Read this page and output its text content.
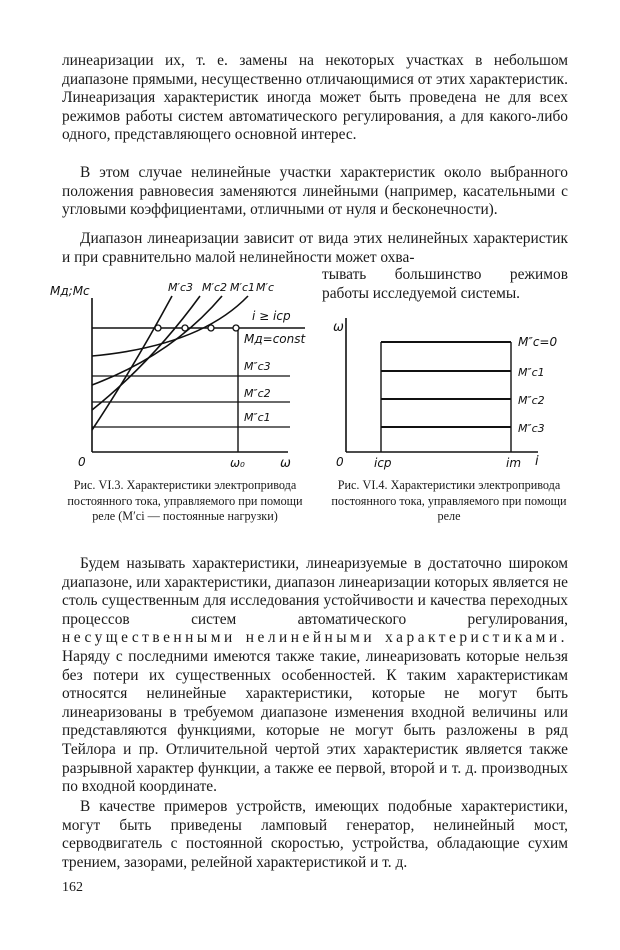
линеаризации их, т. е. замены на некоторых участках в небольшом диапазоне прямыми, несущественно отличающимися от этих характеристик. Линеаризация характеристик иногда может быть проведена не для всех режимов работы систем автоматического регулирования, а для какого-либо одного, представляющего основной интерес.

В этом случае нелинейные участки характеристик около выбранного положения равновесия заменяются линейными (например, касательными с угловыми коэффициентами, отличными от нуля и бесконечности).

Диапазон линеаризации зависит от вида этих нелинейных характеристик и при сравнительно малой нелинейности может охва-

тывать большинство режимов работы исследуемой системы.

Mд;Mс	M′c3 M′c2 M′c1 M′c
i ≥ iср
Mд=const
M″c3
M″c2
M″c1
0	ω₀	ω
ω
M″c=0
M″c1
M″c2
M″c3
0	iср	im i

Рис. VI.3. Характеристики электропривода постоянного тока, управляемого при помощи реле (M′ci — постоянные нагрузки)

Рис. VI.4. Характеристики электропривода постоянного тока, управляемого при помощи реле

Будем называть характеристики, линеаризуемые в достаточно широком диапазоне, или характеристики, диапазон линеаризации которых является не столь существенным для исследования устойчивости и качества переходных процессов систем автоматического регулирования, несущественными нелинейными характеристиками. Наряду с последними имеются также такие, линеаризовать которые нельзя без потери их существенных особенностей. К таким характеристикам относятся нелинейные характеристики, которые не могут быть линеаризованы в требуемом диапазоне изменения входной величины или представляются функциями, которые не могут быть разложены в ряд Тейлора и пр. Отличительной чертой этих характеристик является также разрывной характер функции, а также ее первой, второй и т. д. производных по входной координате.

В качестве примеров устройств, имеющих подобные характеристики, могут быть приведены ламповый генератор, нелинейный мост, серводвигатель с постоянной скоростью, устройства, обладающие сухим трением, зазорами, релейной характеристикой и т. д.

162
